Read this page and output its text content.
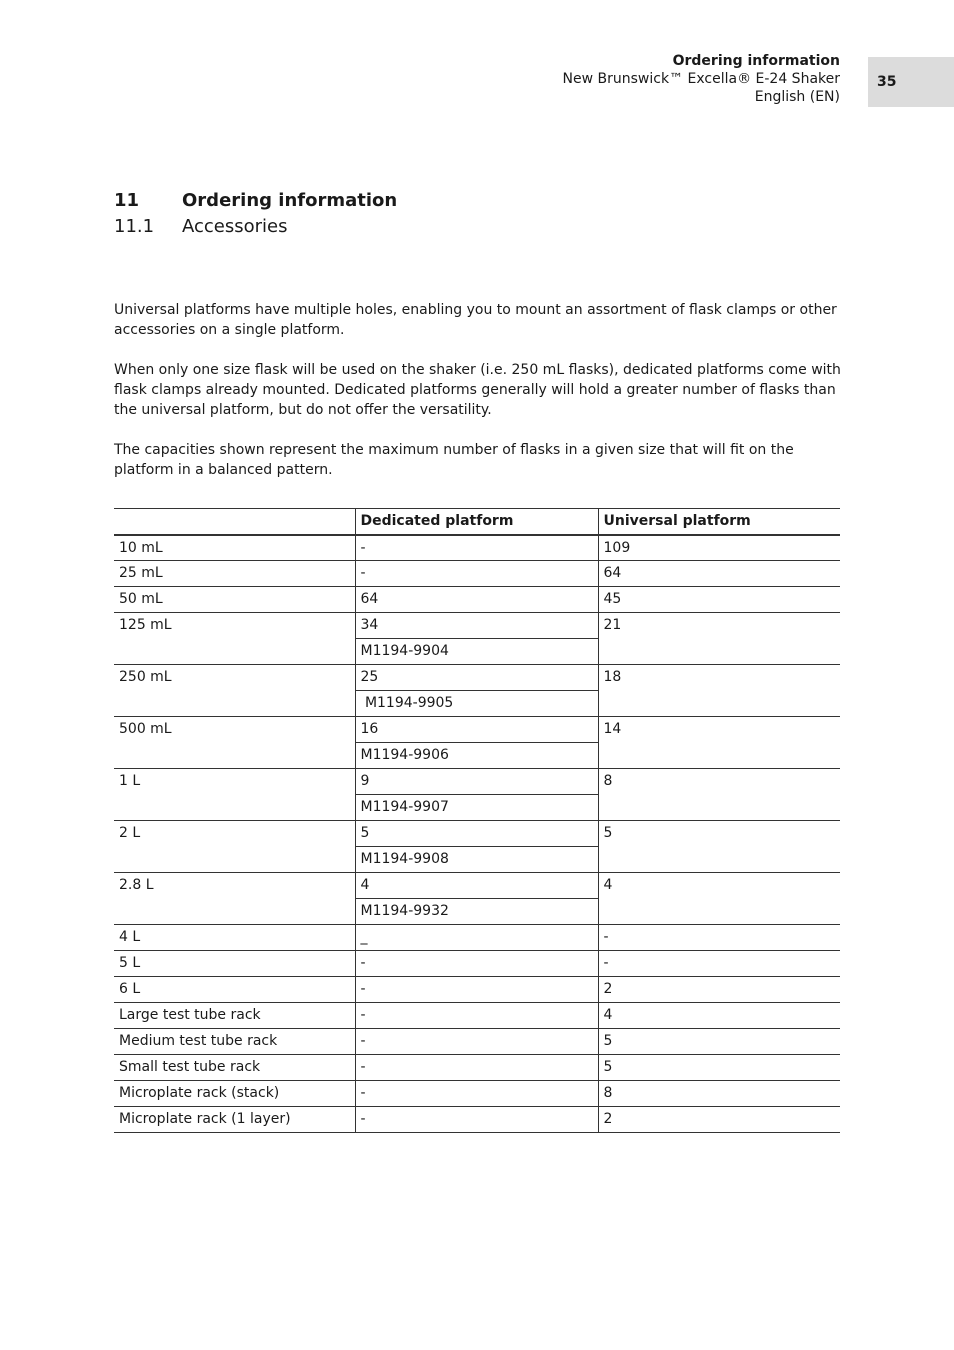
Ordering information
New Brunswick™ Excella® E-24 Shaker
English (EN)
35
11 Ordering information
11.1 Accessories

Universal platforms have multiple holes, enabling you to mount an assortment of flask clamps or other accessories on a single platform.

When only one size flask will be used on the shaker (i.e. 250 mL flasks), dedicated platforms come with flask clamps already mounted. Dedicated platforms generally will hold a greater number of flasks than the universal platform, but do not offer the versatility.

The capacities shown represent the maximum number of flasks in a given size that will fit on the platform in a balanced pattern.

	Dedicated platform	Universal platform
10 mL	-	109
25 mL	-	64
50 mL	64	45
125 mL	34	21
	M1194-9904	
250 mL	25	18
	M1194-9905	
500 mL	16	14
	M1194-9906	
1 L	9	8
	M1194-9907	
2 L	5	5
	M1194-9908	
2.8 L	4	4
	M1194-9932	
4 L	_	-
5 L	-	-
6 L	-	2
Large test tube rack	-	4
Medium test tube rack	-	5
Small test tube rack	-	5
Microplate rack (stack)	-	8
Microplate rack (1 layer)	-	2
